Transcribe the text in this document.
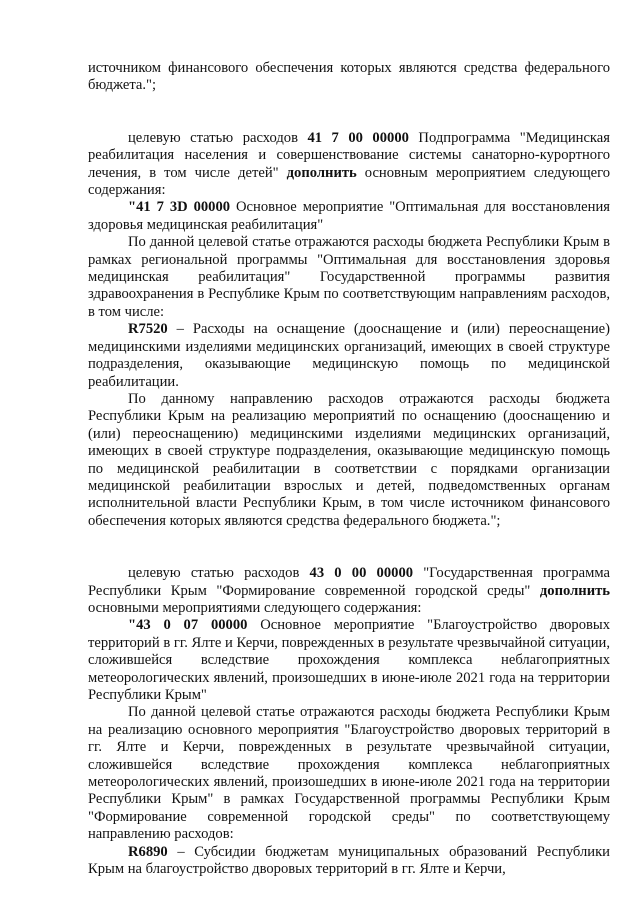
источником финансового обеспечения которых являются средства федерального бюджета.";

целевую статью расходов 41 7 00 00000 Подпрограмма "Медицинская реабилитация населения и совершенствование системы санаторно-курортного лечения, в том числе детей" дополнить основным мероприятием следующего содержания:

"41 7 3D 00000 Основное мероприятие "Оптимальная для восстановления здоровья медицинская реабилитация"

По данной целевой статье отражаются расходы бюджета Республики Крым в рамках региональной программы "Оптимальная для восстановления здоровья медицинская реабилитация" Государственной программы развития здравоохранения в Республике Крым по соответствующим направлениям расходов, в том числе:

R7520 – Расходы на оснащение (дооснащение и (или) переоснащение) медицинскими изделиями медицинских организаций, имеющих в своей структуре подразделения, оказывающие медицинскую помощь по медицинской реабилитации.

По данному направлению расходов отражаются расходы бюджета Республики Крым на реализацию мероприятий по оснащению (дооснащению и (или) переоснащению) медицинскими изделиями медицинских организаций, имеющих в своей структуре подразделения, оказывающие медицинскую помощь по медицинской реабилитации в соответствии с порядками организации медицинской реабилитации взрослых и детей, подведомственных органам исполнительной власти Республики Крым, в том числе источником финансового обеспечения которых являются средства федерального бюджета.";

целевую статью расходов 43 0 00 00000 "Государственная программа Республики Крым "Формирование современной городской среды" дополнить основными мероприятиями следующего содержания:

"43 0 07 00000 Основное мероприятие "Благоустройство дворовых территорий в гг. Ялте и Керчи, поврежденных в результате чрезвычайной ситуации, сложившейся вследствие прохождения комплекса неблагоприятных метеорологических явлений, произошедших в июне-июле 2021 года на территории Республики Крым"

По данной целевой статье отражаются расходы бюджета Республики Крым на реализацию основного мероприятия "Благоустройство дворовых территорий в гг. Ялте и Керчи, поврежденных в результате чрезвычайной ситуации, сложившейся вследствие прохождения комплекса неблагоприятных метеорологических явлений, произошедших в июне-июле 2021 года на территории Республики Крым" в рамках Государственной программы Республики Крым "Формирование современной городской среды" по соответствующему направлению расходов:

R6890 – Субсидии бюджетам муниципальных образований Республики Крым на благоустройство дворовых территорий в гг. Ялте и Керчи,
